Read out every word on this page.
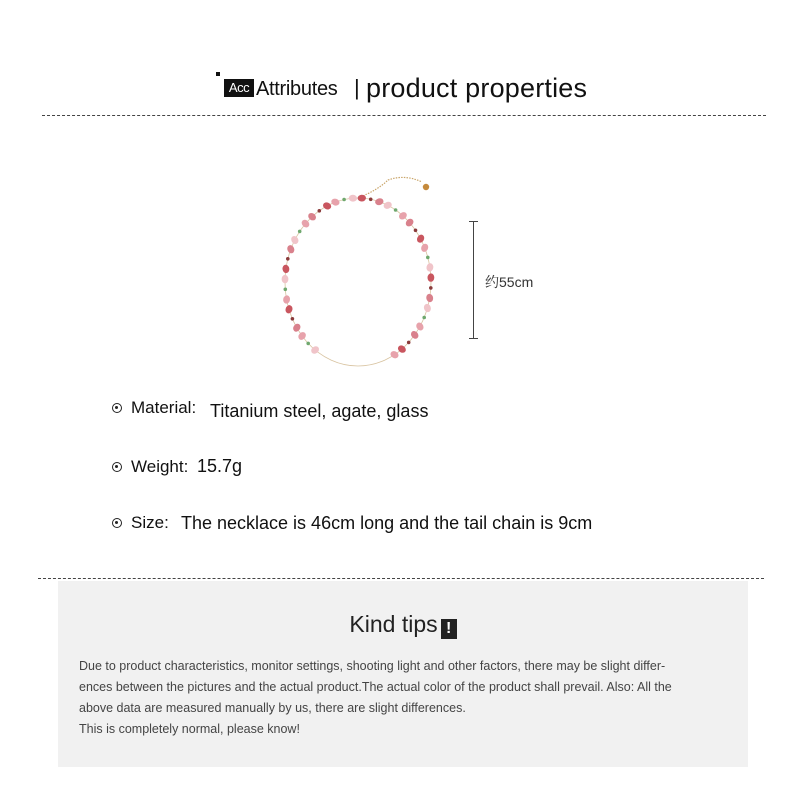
Acc Attributes | product properties
约55cm
Material: Titanium steel, agate, glass
Weight: 15.7g
Size: The necklace is 46cm long and the tail chain is 9cm
Kind tips !
Due to product characteristics, monitor settings, shooting light and other factors, there may be slight differ-
ences between the pictures and the actual product.The actual color of the product shall prevail. Also: All the
above data are measured manually by us, there are slight differences.
This is completely normal, please know!
